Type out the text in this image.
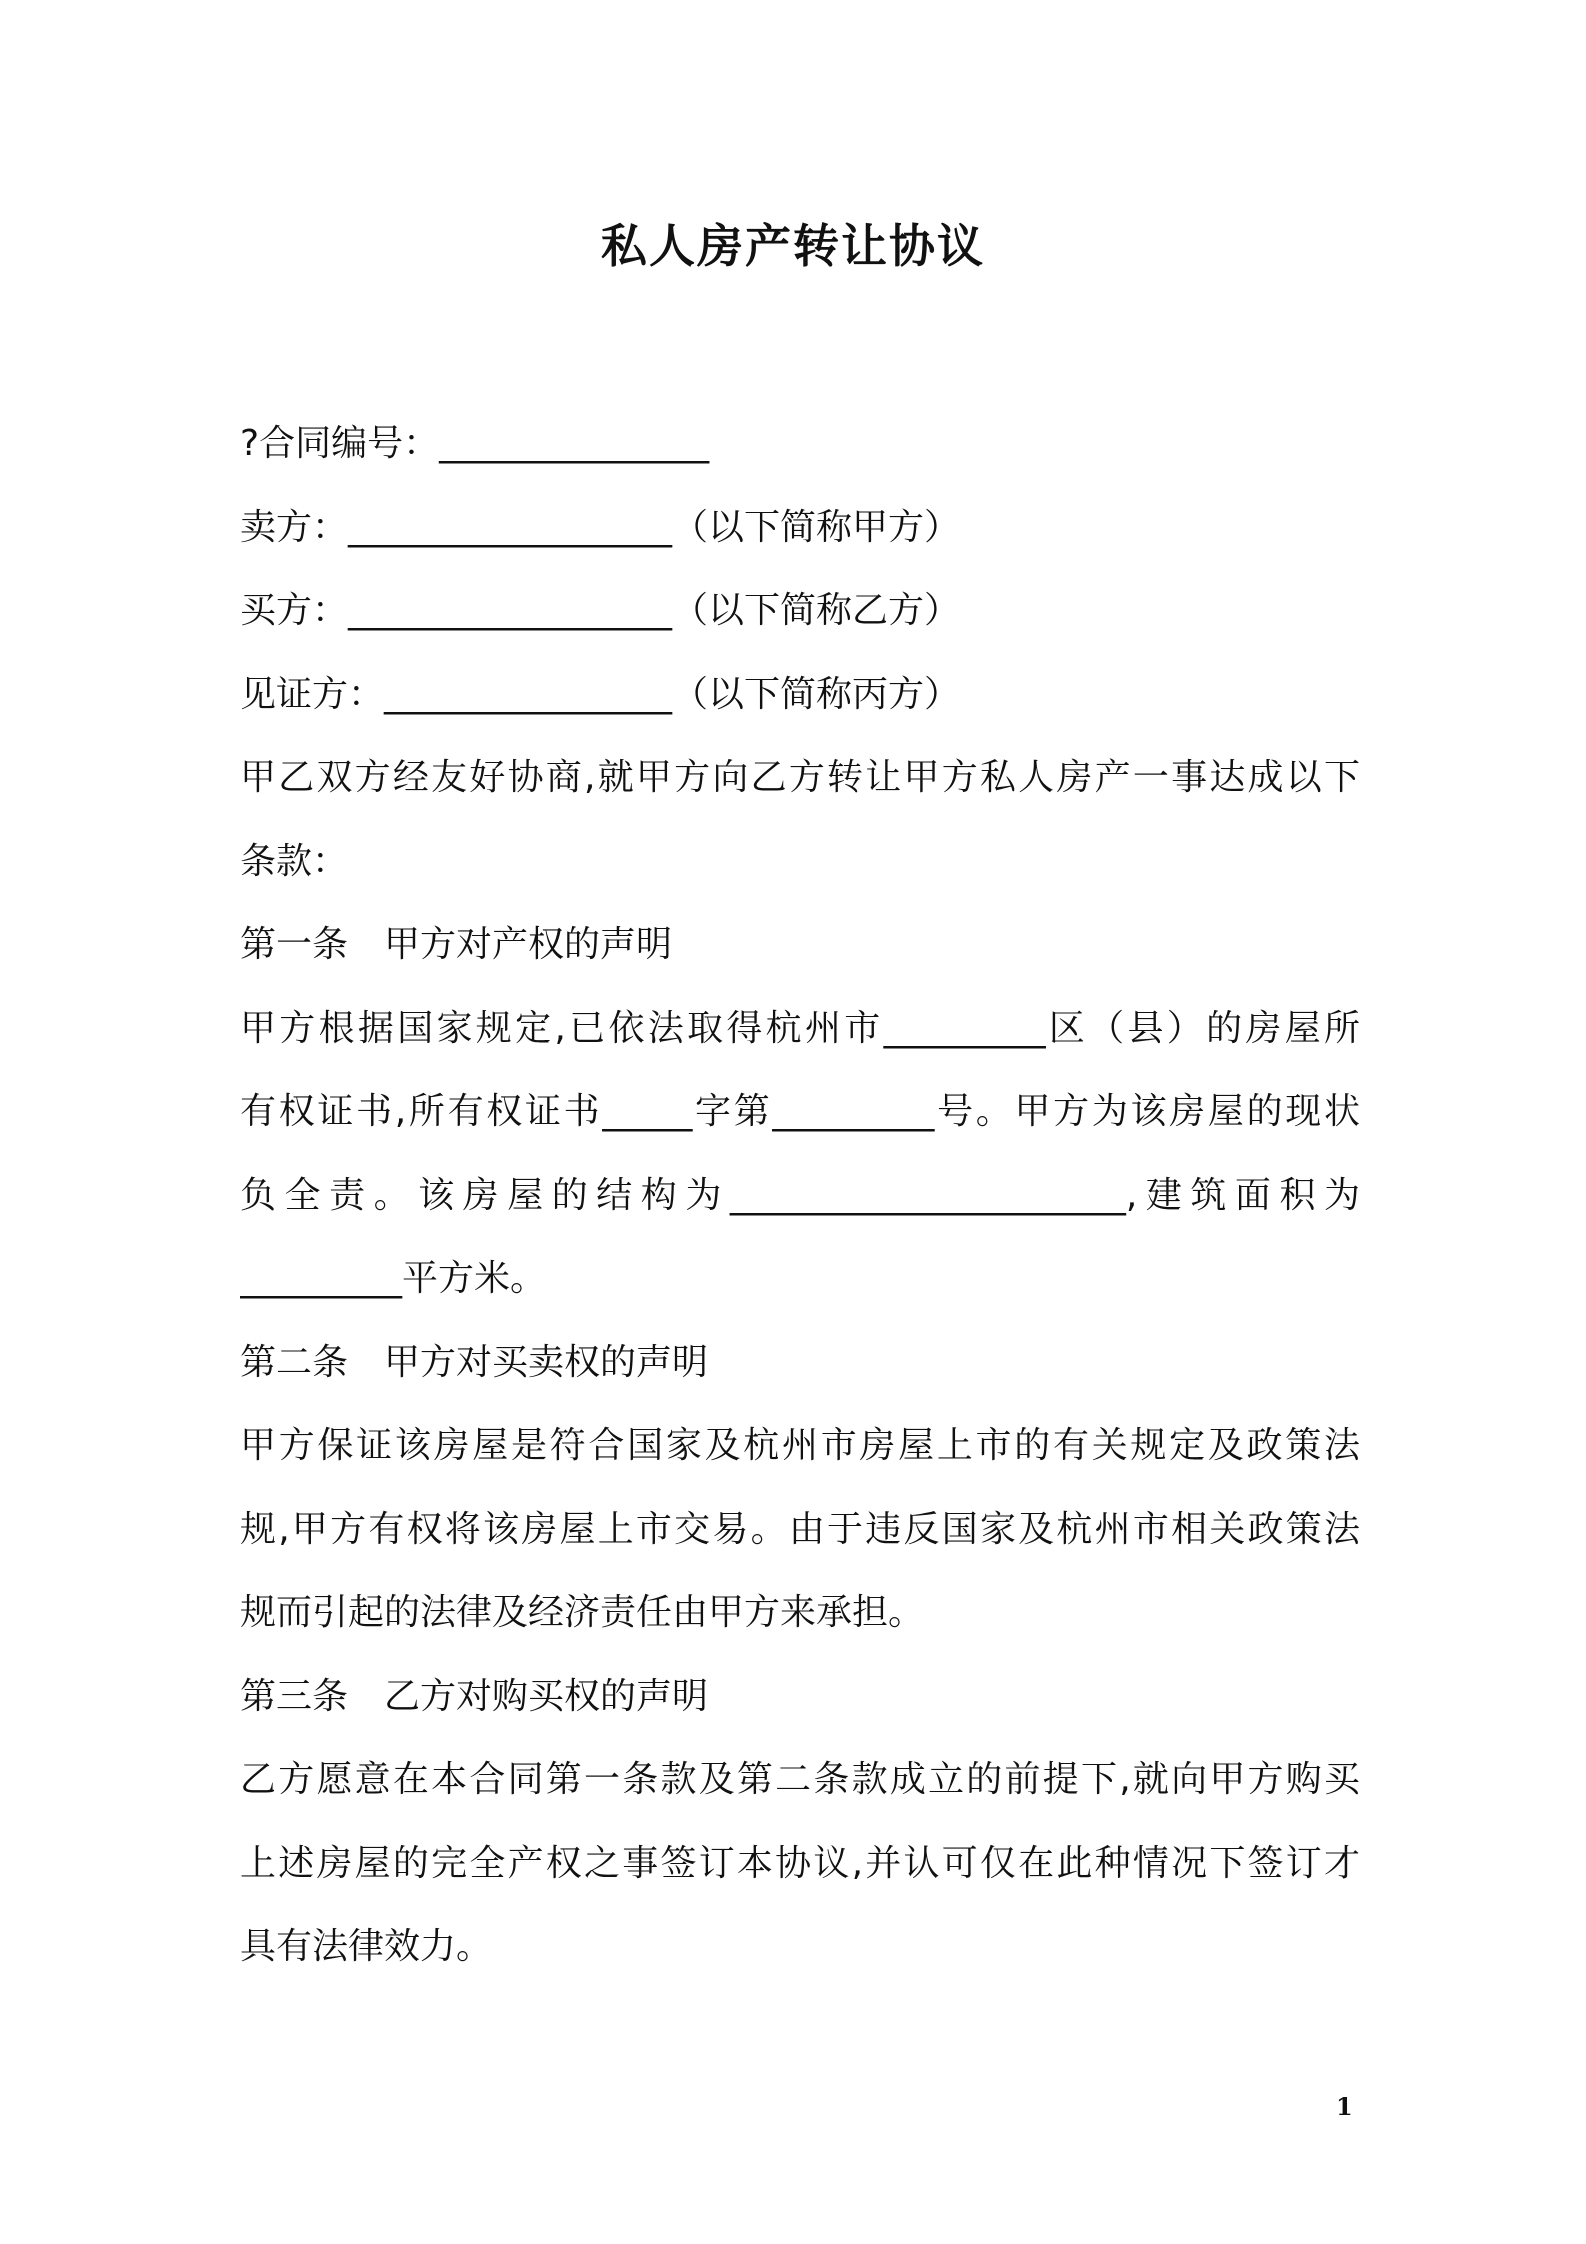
私人房产转让协议
?合同编号：_______________
卖方：__________________（以下简称甲方）
买方：__________________（以下简称乙方）
见证方：________________（以下简称丙方）
甲乙双方经友好协商,就甲方向乙方转让甲方私人房产一事达成以下
条款：
第一条　甲方对产权的声明
甲方根据国家规定,已依法取得杭州市_________区（县）的房屋所
有权证书,所有权证书_____字第_________号。甲方为该房屋的现状
负全责。该房屋的结构为______________________,建筑面积为
_________平方米。
第二条　甲方对买卖权的声明
甲方保证该房屋是符合国家及杭州市房屋上市的有关规定及政策法
规,甲方有权将该房屋上市交易。由于违反国家及杭州市相关政策法
规而引起的法律及经济责任由甲方来承担。
第三条　乙方对购买权的声明
乙方愿意在本合同第一条款及第二条款成立的前提下,就向甲方购买
上述房屋的完全产权之事签订本协议,并认可仅在此种情况下签订才
具有法律效力。
1
